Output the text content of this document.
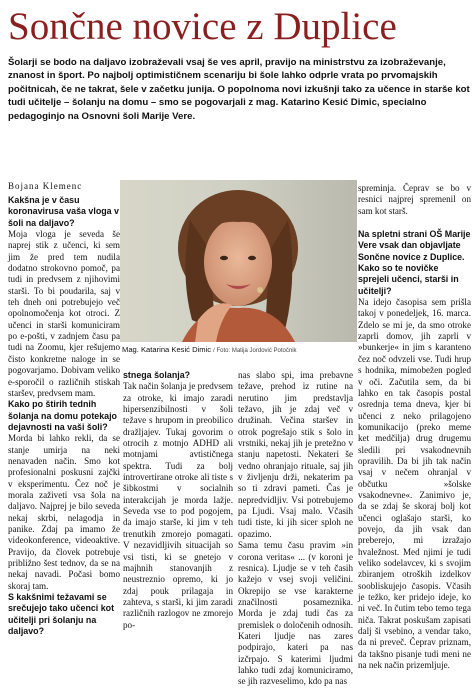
Sončne novice z Duplice
Šolarji se bodo na daljavo izobraževali vsaj še ves april, pravijo na ministrstvu za izobraževanje, znanost in šport. Po najbolj optimističnem scenariju bi šole lahko odprle vrata po prvomajskih počitnicah, če ne takrat, šele v začetku junija. O popolnoma novi izkušnji tako za učence in starše kot tudi učitelje – šolanju na domu – smo se pogovarjali z mag. Katarino Kesić Dimic, specialno pedagoginjo na Osnovni šoli Marije Vere.
Bojana Klemenc

Kakšna je v času koronavirusa vaša vloga v šoli na daljavo?

Moja vloga je seveda še naprej stik z učenci, ki sem jim že pred tem nudila dodatno strokovno pomoč, pa tudi in predvsem z njihovimi starši. To bi poudarila, saj v teh dneh oni potrebujejo več opolnomočenja kot otroci. Z učenci in starši komuniciram po e-pošti, v zadnjem času pa tudi na Zoomu, kjer rešujemo čisto konkretne naloge in se pogovarjamo. Dobivam veliko e-sporočil o različnih stiskah staršev, predvsem mam.

Kako po štirih tednih šolanja na domu potekajo dejavnosti na vaši šoli?

Morda bi lahko rekli, da se stanje umirja na neki nenavaden način. Smo kot profesionalni poskusni zajčki v eksperimentu. Čez noč je morala zaživeti vsa šola na daljavo. Najprej je bilo seveda nekaj skrbi, nelagodja in panike. Zdaj pa imamo že videokonference, videoaktive. Pravijo, da človek potrebuje približno šest tednov, da se na nekaj navadi. Počasi bomo skoraj tam.

S kakšnimi težavami se srečujejo tako učenci kot učitelji pri šolanju na daljavo?

Mag. Katarina Kesić Dimic / Foto: Matija Jordović Potočnik

stnega šolanja?

Tak način šolanja je predvsem za otroke, ki imajo zaradi hipersenzibilnosti v šoli težave s hrupom in preobilico dražljajev. Tukaj govorim o otrocih z motnjo ADHD ali motnjami avtističnega spektra. Tudi za bolj introvertirane otroke ali tiste s šibkostmi v socialnih interakcijah je morda lažje. Seveda vse to pod pogojem, da imajo starše, ki jim v teh trenutkih zmorejo pomagati. V nezavidljivih situacijah so vsi tisti, ki se gnetejo v majhnih stanovanjih z neustreznio opremo, ki jo zdaj pouk prilagaja in zahteva, s starši, ki jim zaradi različnih razlogov ne zmorejo po-

nas slabo spi, ima prebavne težave, prehod iz rutine na nerutino jim predstavlja težavo, jih je zdaj več v družinah. Večina staršev in otrok pogrešajo stik s šolo in vrstniki, nekaj jih je pretežno v stanju napetosti. Nekateri še vedno ohranjajo rituale, saj jih v življenju drži, nekaterim pa so ti zdravi pameti. Čas je nepredvidljiv. Vsi potrebujemo pa Ljudi. Vsaj malo. Včasih tudi tiste, ki jih sicer sploh ne opazimo.

Sama temu času pravim »in corona veritas« ... (v koroni je resnica). Ljudje se v teh časih kažejo v vsej svoji veličini. Okrepijo se vse karakterne značilnosti posameznika. Morda je zdaj tudi čas za premislek o določenih odnosih. Kateri ljudje nas zares podpirajo, kateri pa nas izčrpajo. S katerimi ljudmi lahko tudi zdaj komuniciramo, se jih razveselimo, kdo pa nas

spreminja. Čeprav se bo v resnici najprej spremenil on sam kot starš.

Na spletni strani OŠ Marije Vere vsak dan objavljate Sončne novice z Duplice. Kako so te novičke sprejeli učenci, starši in učitelji?

Na idejo časopisa sem prišla takoj v ponedeljek, 16. marca. Zdelo se mi je, da smo otroke zaprli domov, jih zaprli v »bunkerje« in jim s karanteno čez noč odvzeli vse. Tudi hrup s hodnika, mimobežen pogled v oči. Začutila sem, da bi lahko en tak časopis postal osrednja tema dneva, kjer bi učenci z neko prilagojeno komunikacijo (preko meme ket medčilja) drug drugemu sledili pri vsakodnevnih opravilih. Da bi jih tak način vsaj v nečem ohranjal v občutku »šolske vsakodnevne«. Zanimivo je, da se zdaj še skoraj bolj kot učenci oglašajo starši, ko povejo, da jih vsak dan preberejo, mi izražajo hvaležnost. Med njimi je tudi veliko sodelavcev, ki s svojim zbiranjem otroških izdelkov soobliskujejo časopis. Včasih je težko, ker pridejo ideje, ko ni več. In čutim tebo temo tega niča. Takrat poskušam zapisati dalj ši vsebino, a vendar tako, da ni preveč. Čeprav priznam, da takšno pisanje tudi meni ne na nek način prizemljuje.
